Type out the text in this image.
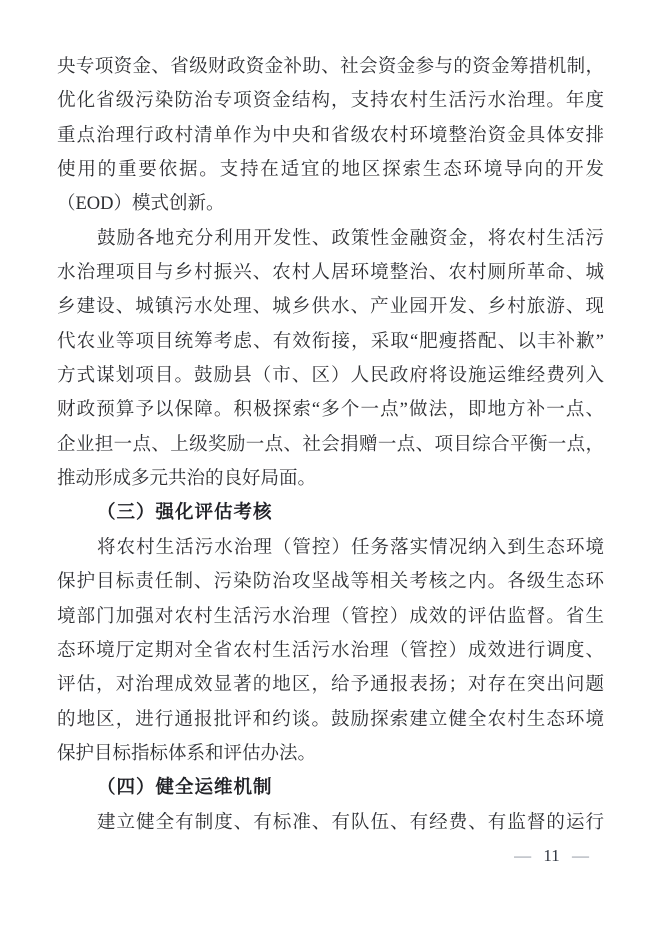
央专项资金、省级财政资金补助、社会资金参与的资金筹措机制，
优化省级污染防治专项资金结构，支持农村生活污水治理。年度
重点治理行政村清单作为中央和省级农村环境整治资金具体安排
使用的重要依据。支持在适宜的地区探索生态环境导向的开发
（EOD）模式创新。
鼓励各地充分利用开发性、政策性金融资金，将农村生活污
水治理项目与乡村振兴、农村人居环境整治、农村厕所革命、城
乡建设、城镇污水处理、城乡供水、产业园开发、乡村旅游、现
代农业等项目统筹考虑、有效衔接，采取“肥瘦搭配、以丰补歉”
方式谋划项目。鼓励县（市、区）人民政府将设施运维经费列入
财政预算予以保障。积极探索“多个一点”做法，即地方补一点、
企业担一点、上级奖励一点、社会捐赠一点、项目综合平衡一点，
推动形成多元共治的良好局面。
（三）强化评估考核
将农村生活污水治理（管控）任务落实情况纳入到生态环境
保护目标责任制、污染防治攻坚战等相关考核之内。各级生态环
境部门加强对农村生活污水治理（管控）成效的评估监督。省生
态环境厅定期对全省农村生活污水治理（管控）成效进行调度、
评估，对治理成效显著的地区，给予通报表扬；对存在突出问题
的地区，进行通报批评和约谈。鼓励探索建立健全农村生态环境
保护目标指标体系和评估办法。
（四）健全运维机制
建立健全有制度、有标准、有队伍、有经费、有监督的运行
— 11 —
